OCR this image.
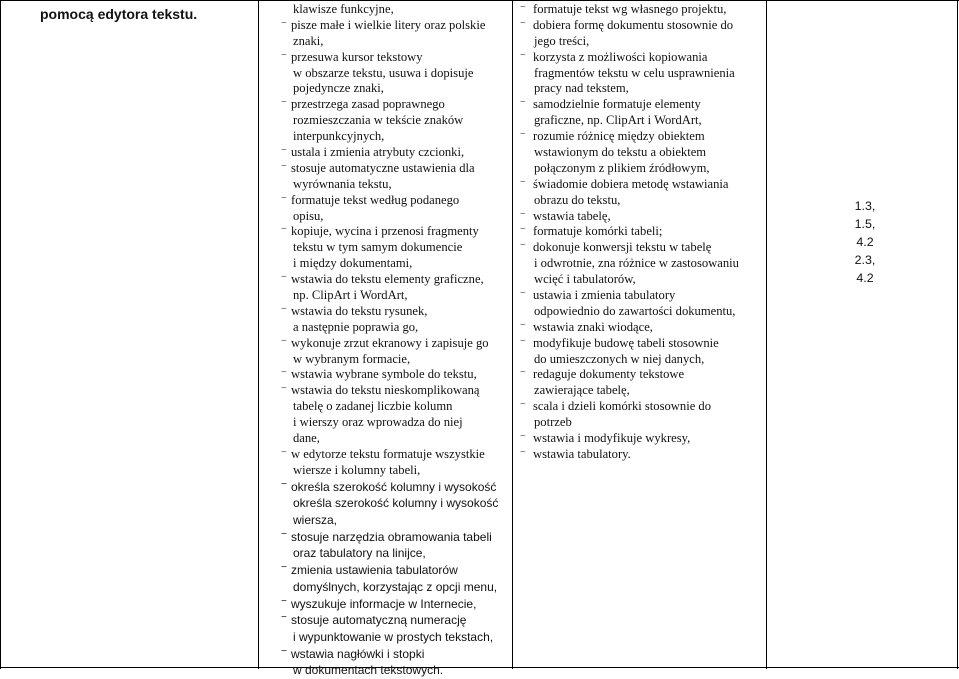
pomocą edytora tekstu.	klawisze funkcyjne,
− pisze małe i wielkie litery oraz polskie
znaki,
− przesuwa kursor tekstowy
w obszarze tekstu, usuwa i dopisuje
pojedyncze znaki,
− przestrzega zasad poprawnego
rozmieszczania w tekście znaków
interpunkcyjnych,
− ustala i zmienia atrybuty czcionki,
− stosuje automatyczne ustawienia dla
wyrównania tekstu,
− formatuje tekst według podanego
opisu,
− kopiuje, wycina i przenosi fragmenty
tekstu w tym samym dokumencie
i między dokumentami,
− wstawia do tekstu elementy graficzne,
np. ClipArt i WordArt,
− wstawia do tekstu rysunek,
a następnie poprawia go,
− wykonuje zrzut ekranowy i zapisuje go
w wybranym formacie,
− wstawia wybrane symbole do tekstu,
− wstawia do tekstu nieskomplikowaną
tabelę o zadanej liczbie kolumn
i wierszy oraz wprowadza do niej
dane,
− w edytorze tekstu formatuje wszystkie
wiersze i kolumny tabeli,
− określa szerokość kolumny i wysokość
określa szerokość kolumny i wysokość
wiersza,
− stosuje narzędzia obramowania tabeli
oraz tabulatory na linijce,
− zmienia ustawienia tabulatorów
domyślnych, korzystając z opcji menu,
− wyszukuje informacje w Internecie,
− stosuje automatyczną numerację
i wypunktowanie w prostych tekstach,
− wstawia nagłówki i stopki
w dokumentach tekstowych.
− formatuje tekst wg własnego projektu,
− dobiera formę dokumentu stosownie do
jego treści,
− korzysta z możliwości kopiowania
fragmentów tekstu w celu usprawnienia
pracy nad tekstem,
− samodzielnie formatuje elementy
graficzne, np. ClipArt i WordArt,
− rozumie różnicę między obiektem
wstawionym do tekstu a obiektem
połączonym z plikiem źródłowym,
− świadomie dobiera metodę wstawiania
obrazu do tekstu,
− wstawia tabelę,
− formatuje komórki tabeli;
− dokonuje konwersji tekstu w tabelę
i odwrotnie, zna różnice w zastosowaniu
wcięć i tabulatorów,
− ustawia i zmienia tabulatory
odpowiednio do zawartości dokumentu,
− wstawia znaki wiodące,
− modyfikuje budowę tabeli stosownie
do umieszczonych w niej danych,
− redaguje dokumenty tekstowe
zawierające tabelę,
− scala i dzieli komórki stosownie do
potrzeb
− wstawia i modyfikuje wykresy,
− wstawia tabulatory.
1.3,
1.5,
4.2
2.3,
4.2
